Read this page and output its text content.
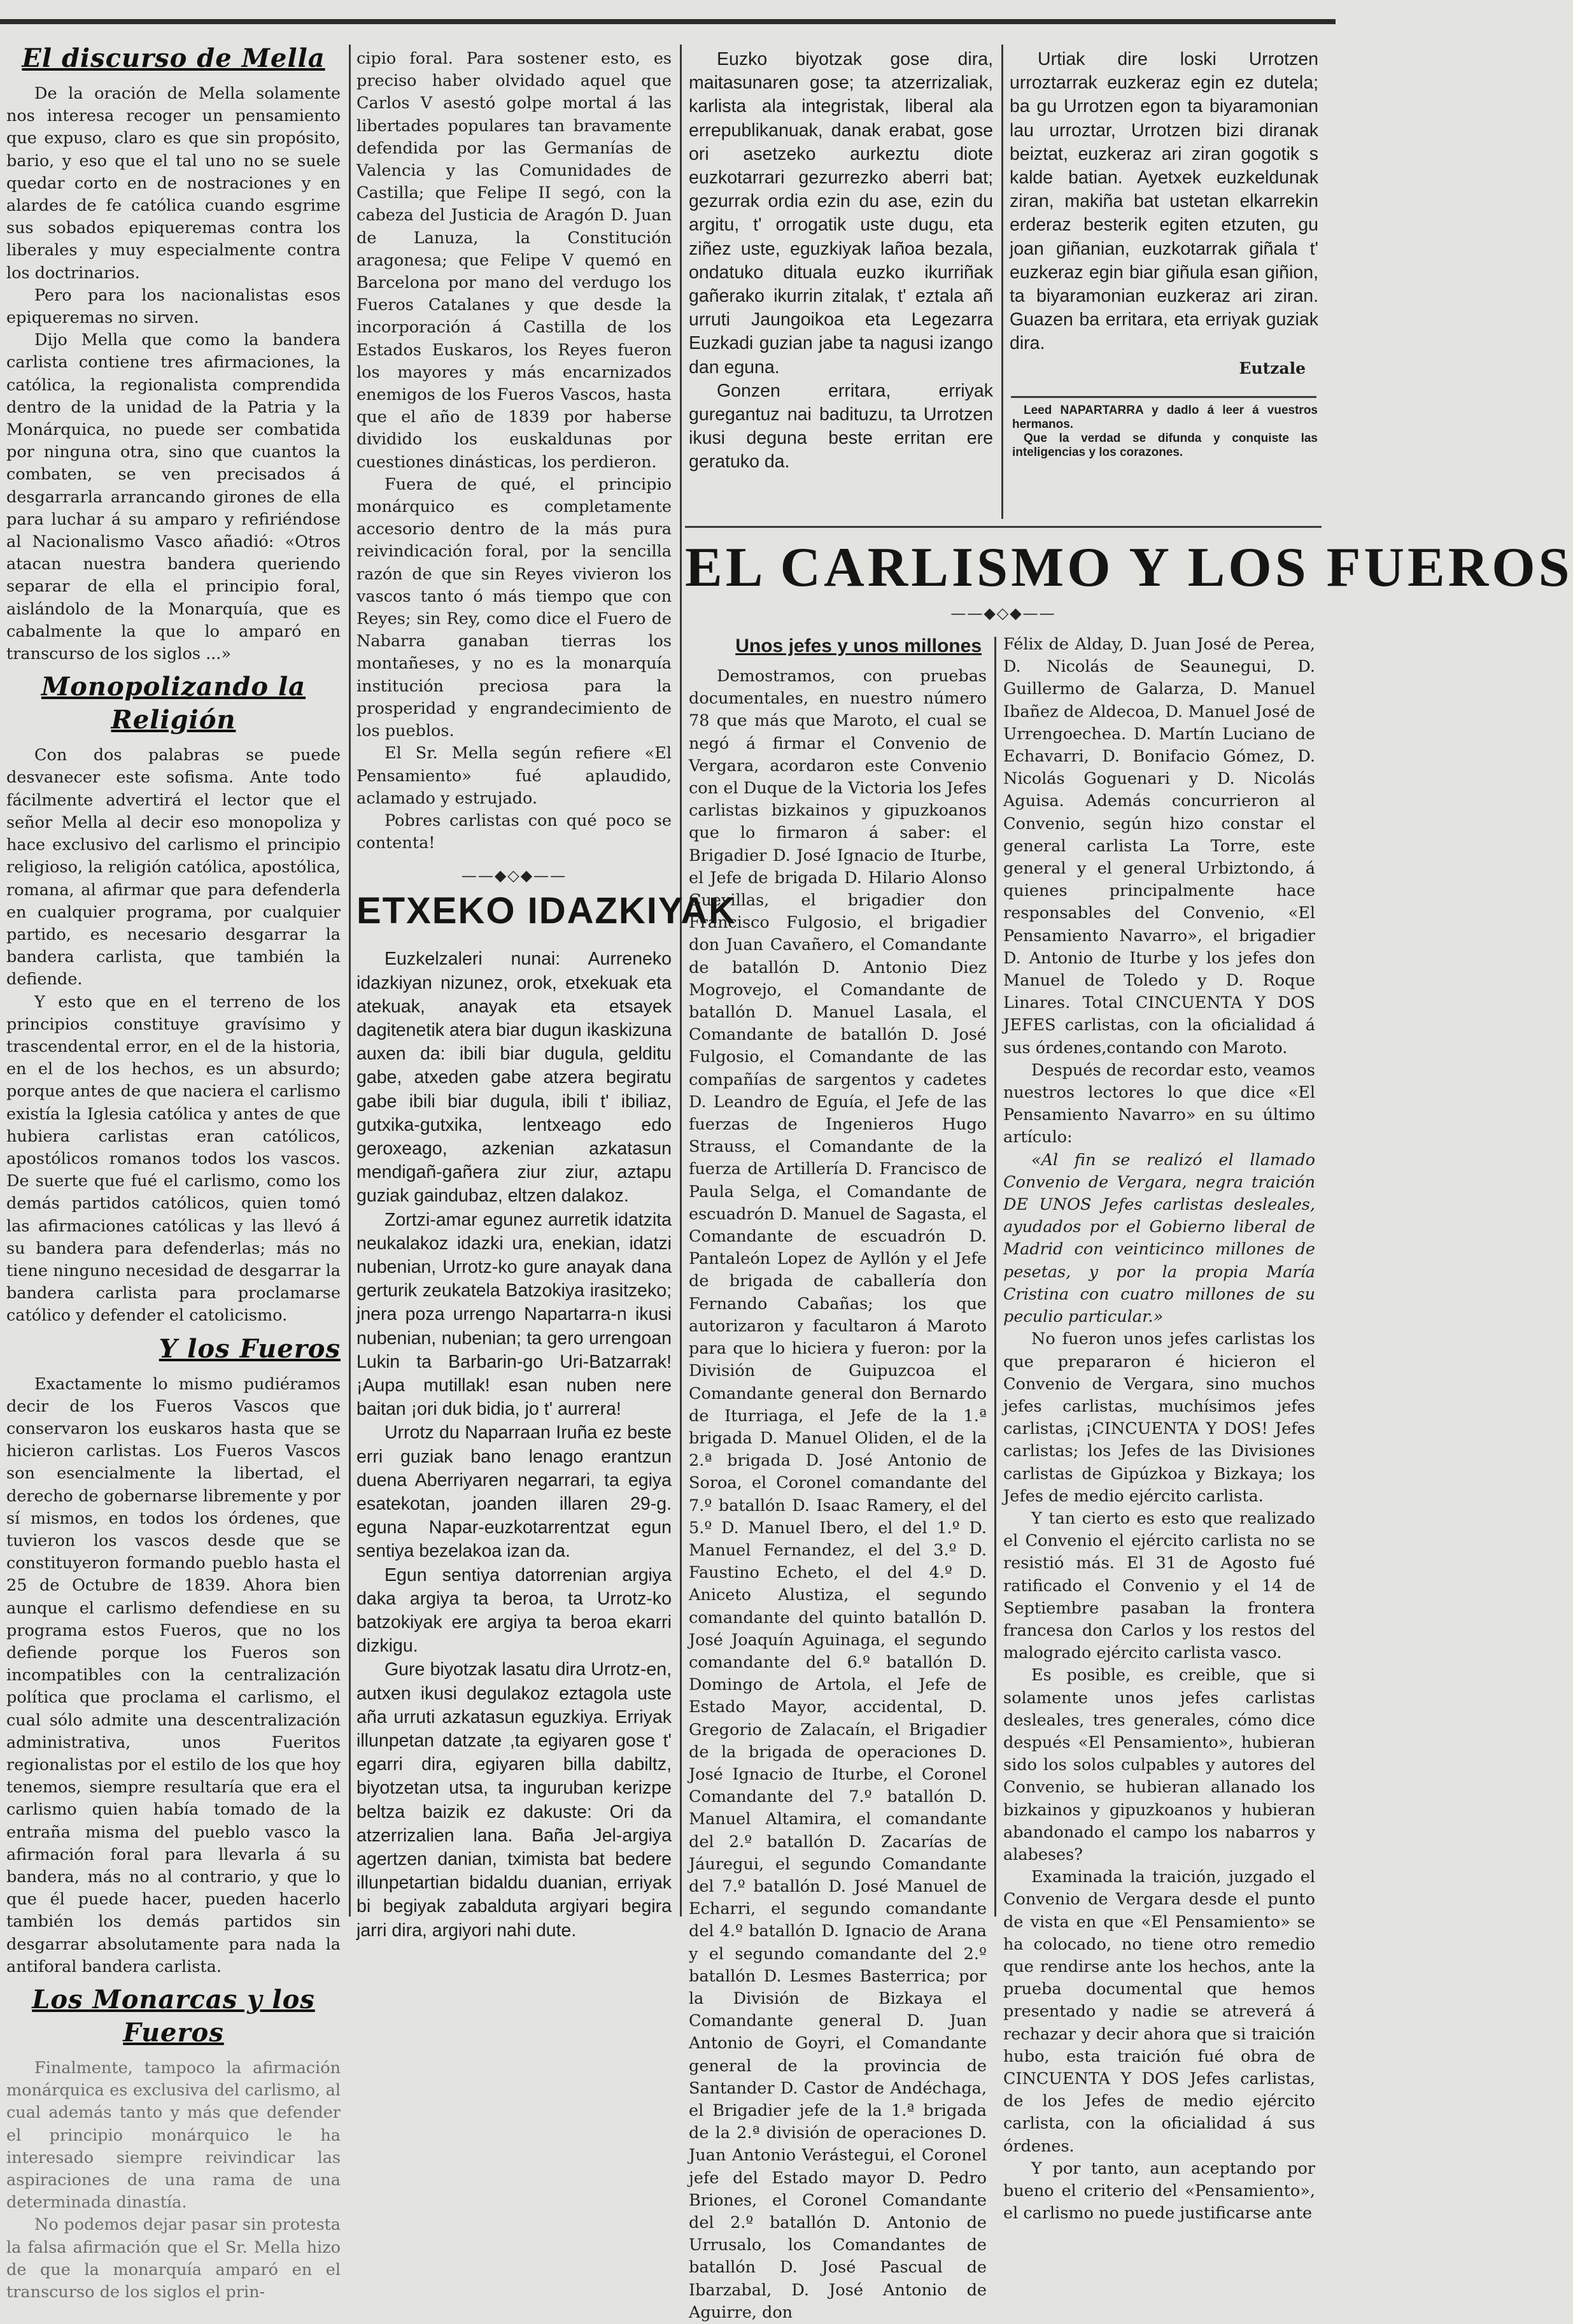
El discurso de Mella

De la oración de Mella solamente nos interesa recoger un pensamiento que expuso, claro es que sin propósito, bario, y eso que el tal uno no se suele quedar corto en de nostraciones y en alardes de fe católica cuando esgrime sus sobados epiqueremas contra los liberales y muy especialmente contra los doctrinarios.

Pero para los nacionalistas esos epiqueremas no sirven.

Dijo Mella que como la bandera carlista contiene tres afirmaciones, la católica, la regionalista comprendida dentro de la unidad de la Patria y la Monárquica, no puede ser combatida por ninguna otra, sino que cuantos la combaten, se ven precisados á desgarrarla arrancando girones de ella para luchar á su amparo y refiriéndose al Nacionalismo Vasco añadió: «Otros atacan nuestra bandera queriendo separar de ella el principio foral, aislándolo de la Monarquía, que es cabalmente la que lo amparó en transcurso de los siglos ...»

Monopolizando la Religión

Con dos palabras se puede desvanecer este sofisma. Ante todo fácilmente advertirá el lector que el señor Mella al decir eso monopoliza y hace exclusivo del carlismo el principio religioso, la religión católica, apostólica, romana, al afirmar que para defenderla en cualquier programa, por cualquier partido, es necesario desgarrar la bandera carlista, que también la defiende.

Y esto que en el terreno de los principios constituye gravísimo y trascendental error, en el de la historia, en el de los hechos, es un absurdo; porque antes de que naciera el carlismo existía la Iglesia católica y antes de que hubiera carlistas eran católicos, apostólicos romanos todos los vascos. De suerte que fué el carlismo, como los demás partidos católicos, quien tomó las afirmaciones católicas y las llevó á su bandera para defenderlas; más no tiene ninguno necesidad de desgarrar la bandera carlista para proclamarse católico y defender el catolicismo.

Y los Fueros

Exactamente lo mismo pudiéramos decir de los Fueros Vascos que conservaron los euskaros hasta que se hicieron carlistas. Los Fueros Vascos son esencialmente la libertad, el derecho de gobernarse libremente y por sí mismos, en todos los órdenes, que tuvieron los vascos desde que se constituyeron formando pueblo hasta el 25 de Octubre de 1839. Ahora bien aunque el carlismo defendiese en su programa estos Fueros, que no los defiende porque los Fueros son incompatibles con la centralización política que proclama el carlismo, el cual sólo admite una descentralización administrativa, unos Fueritos regionalistas por el estilo de los que hoy tenemos, siempre resultaría que era el carlismo quien había tomado de la entraña misma del pueblo vasco la afirmación foral para llevarla á su bandera, más no al contrario, y que lo que él puede hacer, pueden hacerlo también los demás partidos sin desgarrar absolutamente para nada la antiforal bandera carlista.

Los Monarcas y los Fueros

Finalmente, tampoco la afirmación monárquica es exclusiva del carlismo, al cual además tanto y más que defender el principio monárquico le ha interesado siempre reivindicar las aspiraciones de una rama de una determinada dinastía.

No podemos dejar pasar sin protesta la falsa afirmación que el Sr. Mella hizo de que la monarquía amparó en el transcurso de los siglos el prin-

cipio foral. Para sostener esto, es preciso haber olvidado aquel que Carlos V asestó golpe mortal á las libertades populares tan bravamente defendida por las Germanías de Valencia y las Comunidades de Castilla; que Felipe II segó, con la cabeza del Justicia de Aragón D. Juan de Lanuza, la Constitución aragonesa; que Felipe V quemó en Barcelona por mano del verdugo los Fueros Catalanes y que desde la incorporación á Castilla de los Estados Euskaros, los Reyes fueron los mayores y más encarnizados enemigos de los Fueros Vascos, hasta que el año de 1839 por haberse dividido los euskaldunas por cuestiones dinásticas, los perdieron.

Fuera de qué, el principio monárquico es completamente accesorio dentro de la más pura reivindicación foral, por la sencilla razón de que sin Reyes vivieron los vascos tanto ó más tiempo que con Reyes; sin Rey, como dice el Fuero de Nabarra ganaban tierras los montañeses, y no es la monarquía institución preciosa para la prosperidad y engrandecimiento de los pueblos.

El Sr. Mella según refiere «El Pensamiento» fué aplaudido, aclamado y estrujado.

Pobres carlistas con qué poco se contenta!

——◆◇◆——
ETXEKO IDAZKIYAK

Euzkelzaleri nunai: Aurreneko idazkiyan nizunez, orok, etxekuak eta atekuak, anayak eta etsayek dagitenetik atera biar dugun ikaskizuna auxen da: ibili biar dugula, gelditu gabe, atxeden gabe atzera begiratu gabe ibili biar dugula, ibili t' ibiliaz, gutxika-gutxika, lentxeago edo geroxeago, azkenian azkatasun mendigañ-gañera ziur ziur, aztapu guziak gaindubaz, eltzen dalakoz.

Zortzi-amar egunez aurretik idatzita neukalakoz idazki ura, enekian, idatzi nubenian, Urrotz-ko gure anayak dana gerturik zeukatela Batzokiya irasitzeko; jnera poza urrengo Napartarra-n ikusi nubenian, nubenian; ta gero urrengoan Lukin ta Barbarin-go Uri-Batzarrak! ¡Aupa mutillak! esan nuben nere baitan ¡ori duk bidia, jo t' aurrera!

Urrotz du Naparraan Iruña ez beste erri guziak bano lenago erantzun duena Aberriyaren negarrari, ta egiya esatekotan, joanden illaren 29-g. eguna Napar-euzkotarrentzat egun sentiya bezelakoa izan da.

Egun sentiya datorrenian argiya daka argiya ta beroa, ta Urrotz-ko batzokiyak ere argiya ta beroa ekarri dizkigu.

Gure biyotzak lasatu dira Urrotz-en, autxen ikusi degulakoz eztagola uste aña urruti azkatasun eguzkiya. Erriyak illunpetan datzate ,ta egiyaren gose t' egarri dira, egiyaren billa dabiltz, biyotzetan utsa, ta inguruban kerizpe beltza baizik ez dakuste: Ori da atzerrizalien lana. Baña Jel-argiya agertzen danian, tximista bat bedere illunpetartian bidaldu duanian, erriyak bi begiyak zabalduta argiyari begira jarri dira, argiyori nahi dute.

Euzko biyotzak gose dira, maitasunaren gose; ta atzerrizaliak, karlista ala integristak, liberal ala errepublikanuak, danak erabat, gose ori asetzeko aurkeztu diote euzkotarrari gezurrezko aberri bat; gezurrak ordia ezin du ase, ezin du argitu, t' orrogatik uste dugu, eta ziñez uste, eguzkiyak lañoa bezala, ondatuko dituala euzko ikurriñak gañerako ikurrin zitalak, t' eztala añ urruti Jaungoikoa eta Legezarra Euzkadi guzian jabe ta nagusi izango dan eguna.

Gonzen erritara, erriyak guregantuz nai badituzu, ta Urrotzen ikusi deguna beste erritan ere geratuko da.

Urtiak dire loski Urrotzen urroztarrak euzkeraz egin ez dutela; ba gu Urrotzen egon ta biyaramonian lau urroztar, Urrotzen bizi diranak beiztat, euzkeraz ari ziran gogotik s kalde batian. Ayetxek euzkeldunak ziran, makiña bat ustetan elkarrekin erderaz besterik egiten etzuten, gu joan giñanian, euzkotarrak giñala t' euzkeraz egin biar giñula esan giñion, ta biyaramonian euzkeraz ari ziran. Guazen ba erritara, eta erriyak guziak dira.

Eutzale

Leed NAPARTARRA y dadlo á leer á vuestros hermanos.

Que la verdad se difunda y conquiste las inteligencias y los corazones.

EL CARLISMO Y LOS FUEROS
——◆◇◆——
Unos jefes y unos millones

Demostramos, con pruebas documentales, en nuestro número 78 que más que Maroto, el cual se negó á firmar el Convenio de Vergara, acordaron este Convenio con el Duque de la Victoria los Jefes carlistas bizkainos y gipuzkoanos que lo firmaron á saber: el Brigadier D. José Ignacio de Iturbe, el Jefe de brigada D. Hilario Alonso Cuevillas, el brigadier don Francisco Fulgosio, el brigadier don Juan Cavañero, el Comandante de batallón D. Antonio Diez Mogrovejo, el Comandante de batallón D. Manuel Lasala, el Comandante de batallón D. José Fulgosio, el Comandante de las compañías de sargentos y cadetes D. Leandro de Eguía, el Jefe de las fuerzas de Ingenieros Hugo Strauss, el Comandante de la fuerza de Artillería D. Francisco de Paula Selga, el Comandante de escuadrón D. Manuel de Sagasta, el Comandante de escuadrón D. Pantaleón Lopez de Ayllón y el Jefe de brigada de caballería don Fernando Cabañas; los que autorizaron y facultaron á Maroto para que lo hiciera y fueron: por la División de Guipuzcoa el Comandante general don Bernardo de Iturriaga, el Jefe de la 1.ª brigada D. Manuel Oliden, el de la 2.ª brigada D. José Antonio de Soroa, el Coronel comandante del 7.º batallón D. Isaac Ramery, el del 5.º D. Manuel Ibero, el del 1.º D. Manuel Fernandez, el del 3.º D. Faustino Echeto, el del 4.º D. Aniceto Alustiza, el segundo comandante del quinto batallón D. José Joaquín Aguinaga, el segundo comandante del 6.º batallón D. Domingo de Artola, el Jefe de Estado Mayor, accidental, D. Gregorio de Zalacaín, el Brigadier de la brigada de operaciones D. José Ignacio de Iturbe, el Coronel Comandante del 7.º batallón D. Manuel Altamira, el comandante del 2.º batallón D. Zacarías de Jáuregui, el segundo Comandante del 7.º batallón D. José Manuel de Echarri, el segundo comandante del 4.º batallón D. Ignacio de Arana y el segundo comandante del 2.º batallón D. Lesmes Basterrica; por la División de Bizkaya el Comandante general D. Juan Antonio de Goyri, el Comandante general de la provincia de Santander D. Castor de Andéchaga, el Brigadier jefe de la 1.ª brigada de la 2.ª división de operaciones D. Juan Antonio Verástegui, el Coronel jefe del Estado mayor D. Pedro Briones, el Coronel Comandante del 2.º batallón D. Antonio de Urrusalo, los Comandantes de batallón D. José Pascual de Ibarzabal, D. José Antonio de Aguirre, don

Félix de Alday, D. Juan José de Perea, D. Nicolás de Seaunegui, D. Guillermo de Galarza, D. Manuel Ibañez de Aldecoa, D. Manuel José de Urrengoechea. D. Martín Luciano de Echavarri, D. Bonifacio Gómez, D. Nicolás Goguenari y D. Nicolás Aguisa. Además concurrieron al Convenio, según hizo constar el general carlista La Torre, este general y el general Urbiztondo, á quienes principalmente hace responsables del Convenio, «El Pensamiento Navarro», el brigadier D. Antonio de Iturbe y los jefes don Manuel de Toledo y D. Roque Linares. Total CINCUENTA Y DOS JEFES carlistas, con la oficialidad á sus órdenes,contando con Maroto.

Después de recordar esto, veamos nuestros lectores lo que dice «El Pensamiento Navarro» en su último artículo:

«Al fin se realizó el llamado Convenio de Vergara, negra traición DE UNOS Jefes carlistas desleales, ayudados por el Gobierno liberal de Madrid con veinticinco millones de pesetas, y por la propia María Cristina con cuatro millones de su peculio particular.»

No fueron unos jefes carlistas los que prepararon é hicieron el Convenio de Vergara, sino muchos jefes carlistas, muchísimos jefes carlistas, ¡CINCUENTA Y DOS! Jefes carlistas; los Jefes de las Divisiones carlistas de Gipúzkoa y Bizkaya; los Jefes de medio ejército carlista.

Y tan cierto es esto que realizado el Convenio el ejército carlista no se resistió más. El 31 de Agosto fué ratificado el Convenio y el 14 de Septiembre pasaban la frontera francesa don Carlos y los restos del malogrado ejército carlista vasco.

Es posible, es creible, que si solamente unos jefes carlistas desleales, tres generales, cómo dice después «El Pensamiento», hubieran sido los solos culpables y autores del Convenio, se hubieran allanado los bizkainos y gipuzkoanos y hubieran abandonado el campo los nabarros y alabeses?

Examinada la traición, juzgado el Convenio de Vergara desde el punto de vista en que «El Pensamiento» se ha colocado, no tiene otro remedio que rendirse ante los hechos, ante la prueba documental que hemos presentado y nadie se atreverá á rechazar y decir ahora que si traición hubo, esta traición fué obra de CINCUENTA Y DOS Jefes carlistas, de los Jefes de medio ejército carlista, con la oficialidad á sus órdenes.

Y por tanto, aun aceptando por bueno el criterio del «Pensamiento», el carlismo no puede justificarse ante
